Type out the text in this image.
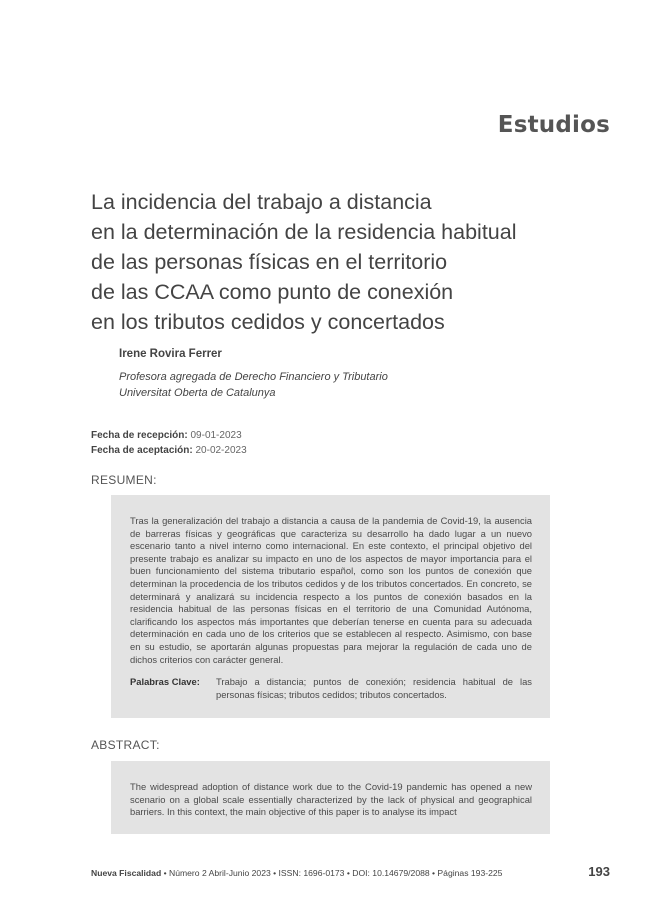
Estudios
La incidencia del trabajo a distancia
en la determinación de la residencia habitual
de las personas físicas en el territorio
de las CCAA como punto de conexión
en los tributos cedidos y concertados
Irene Rovira Ferrer
Profesora agregada de Derecho Financiero y Tributario
Universitat Oberta de Catalunya
Fecha de recepción: 09-01-2023
Fecha de aceptación: 20-02-2023
RESUMEN:

Tras la generalización del trabajo a distancia a causa de la pandemia de Covid-19, la ausencia de barreras físicas y geográficas que caracteriza su desarrollo ha dado lugar a un nuevo escenario tanto a nivel interno como internacional. En este contexto, el principal objetivo del presente trabajo es analizar su impacto en uno de los aspectos de mayor importancia para el buen funcionamiento del sistema tributario español, como son los puntos de conexión que determinan la procedencia de los tributos cedidos y de los tributos concertados. En concreto, se determinará y analizará su incidencia respecto a los puntos de conexión basados en la residencia habitual de las personas físicas en el territorio de una Comunidad Autónoma, clarificando los aspectos más importantes que deberían tenerse en cuenta para su adecuada determinación en cada uno de los criterios que se establecen al respecto. Asimismo, con base en su estudio, se aportarán algunas propuestas para mejorar la regulación de cada uno de dichos criterios con carácter general.

Palabras Clave:	Trabajo a distancia; puntos de conexión; residencia habitual de las personas físicas; tributos cedidos; tributos concertados.
ABSTRACT:

The widespread adoption of distance work due to the Covid-19 pandemic has opened a new scenario on a global scale essentially characterized by the lack of physical and geographical barriers. In this context, the main objective of this paper is to analyse its impact

Nueva Fiscalidad • Número 2 Abril-Junio 2023 • ISSN: 1696-0173 • DOI: 10.14679/2088 • Páginas 193-225	193
